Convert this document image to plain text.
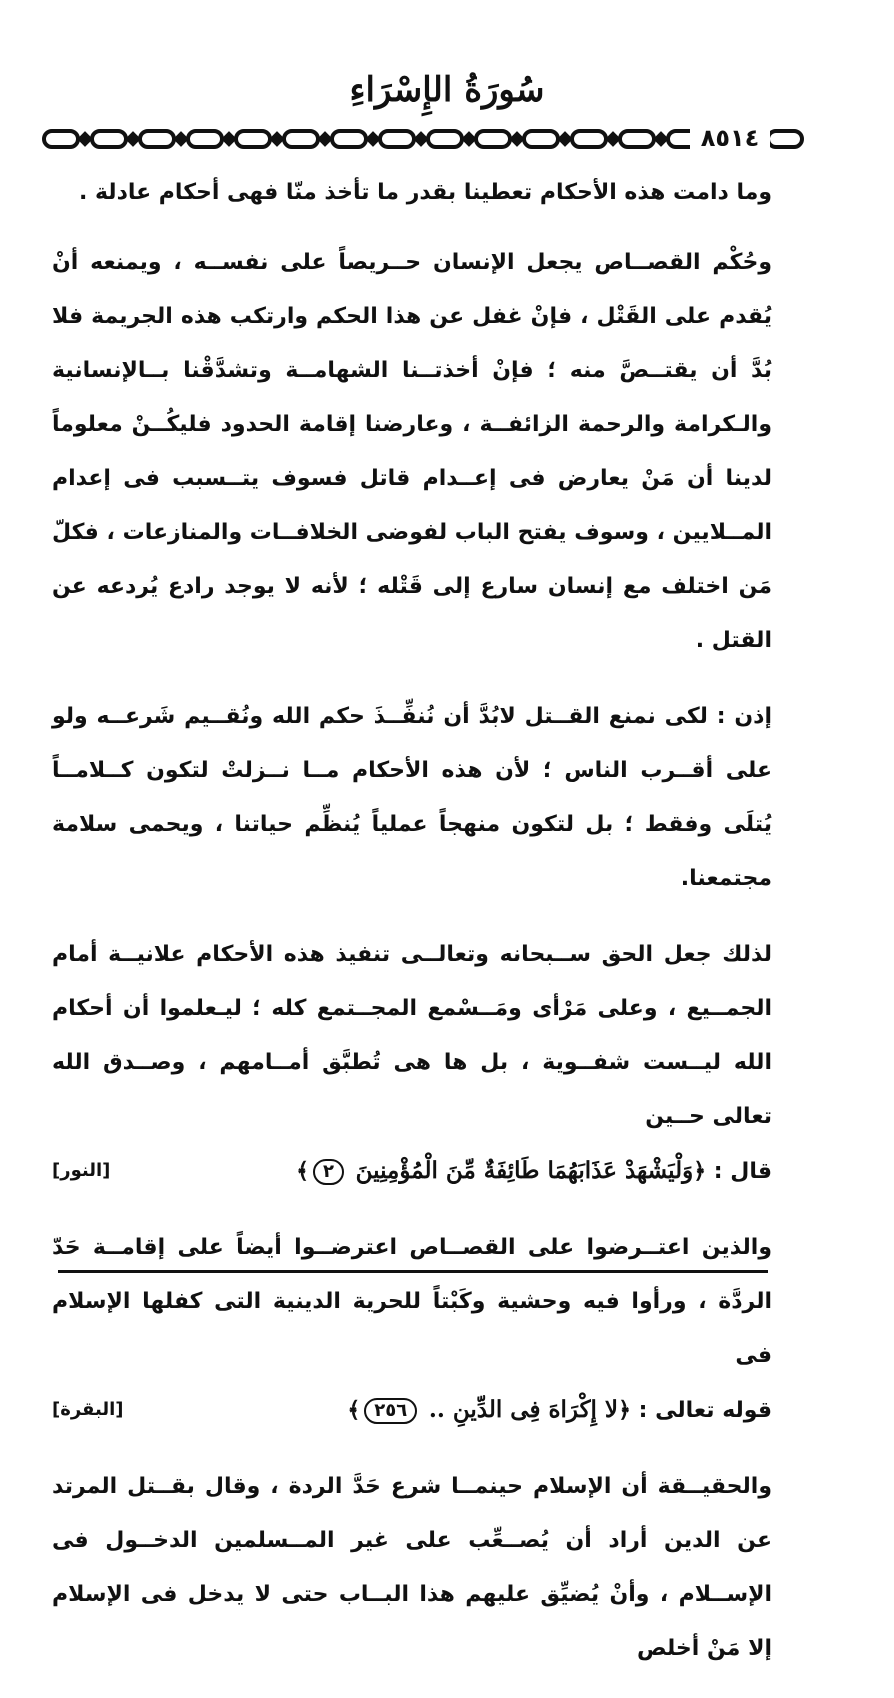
سُورَةُ الإِسْرَاءِ
٨٥١٤

وما دامت هذه الأحكام تعطينا بقدر ما تأخذ منّا فهى أحكام عادلة .

وحُكْم القصــاص يجعل الإنسان حــريصاً على نفســه ، ويمنعه أنْ يُقدم على القَتْل ، فإنْ غفل عن هذا الحكم وارتكب هذه الجريمة فلا بُدَّ أن يقتــصَّ منه ؛ فإنْ أخذتــنا الشهامــة وتشدَّقْنا بــالإنسانية والـكرامة والرحمة الزائفــة ، وعارضنا إقامة الحدود فليكُــنْ معلوماً لدينا أن مَنْ يعارض فى إعــدام قاتل فسوف يتــسبب فى إعدام المــلايين ، وسوف يفتح الباب لفوضى الخلافــات والمنازعات ، فكلّ مَن اختلف مع إنسان سارع إلى قَتْله ؛ لأنه لا يوجد رادع يُردعه عن القتل .

إذن : لكى نمنع القــتل لابُدَّ أن نُنفِّــذَ حكم الله ونُقــيم شَرعــه ولو على أقــرب الناس ؛ لأن هذه الأحكام مــا نــزلتْ لتكون كــلامــاً يُتلَى وفقط ؛ بل لتكون منهجاً عملياً يُنظِّم حياتنا ، ويحمى سلامة مجتمعنا.

لذلك جعل الحق ســبحانه وتعالــى تنفيذ هذه الأحكام علانيــة أمام الجمــيع ، وعلى مَرْأى ومَــسْمع المجــتمع كله ؛ ليـعلموا أن أحكام الله ليــست شفــوية ، بل ها هى تُطبَّق أمــامهم ، وصــدق الله تعالى حــين
قال : ﴿وَلْيَشْهَدْ عَذَابَهُمَا طَائِفَةٌ مِّنَ الْمُؤْمِنِينَ ٢﴾
[النور]

والذين اعتــرضوا على القصــاص اعترضــوا أيضاً على إقامــة حَدّ الردَّة ، ورأوا فيه وحشية وكَبْتاً للحرية الدينية التى كفلها الإسلام فى
قوله تعالى : ﴿لا إِكْرَاهَ فِى الدِّينِ .. ٢٥٦﴾
[البقرة]

والحقيــقة أن الإسلام حينمــا شرع حَدَّ الردة ، وقال بقــتل المرتد عن الدين أراد أن يُصــعِّب على غير المــسلمين الدخــول فى الإســلام ، وأنْ يُضيِّق عليهم هذا البــاب حتى لا يدخل فى الإسلام إلا مَنْ أخلص
